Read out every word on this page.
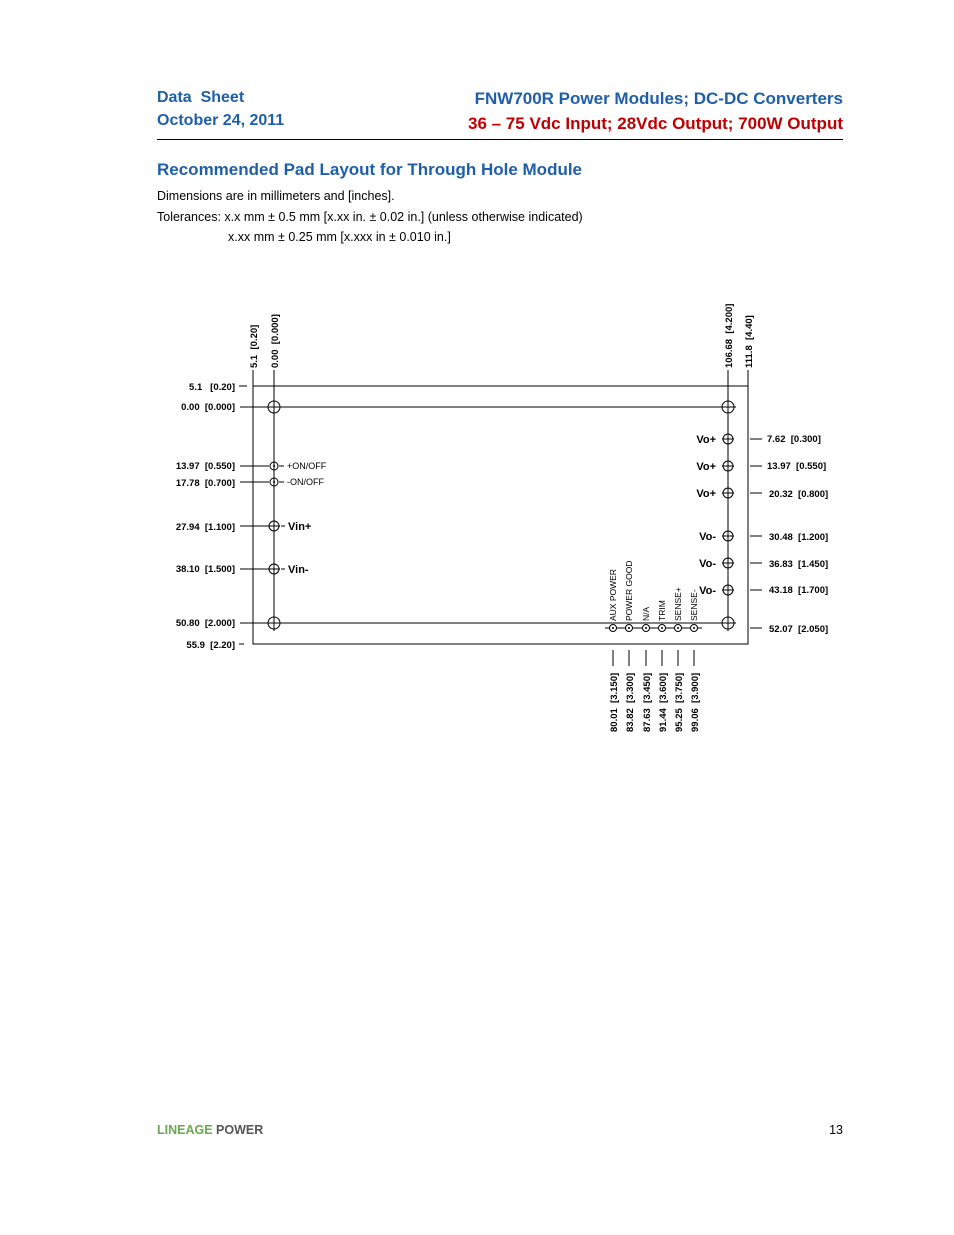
Data  Sheet
October 24, 2011
FNW700R Power Modules; DC-DC Converters
36 – 75 Vdc Input; 28Vdc Output; 700W Output
Recommended Pad Layout for Through Hole Module
Dimensions are in millimeters and [inches].
Tolerances: x.x mm ± 0.5 mm [x.xx in. ± 0.02 in.] (unless otherwise indicated)
x.xx mm ± 0.25 mm [x.xxx in ± 0.010 in.]
+ON/OFF
-ON/OFF
Vin+
Vin-
Vo+
Vo+
Vo+
Vo-
Vo-
Vo-
AUX POWER POWER GOOD N/A TRIM SENSE+ SENSE-
80.01  [3.150] 83.82  [3.300] 87.63  [3.450] 91.44  [3.600] 95.25  [3.750] 99.06  [3.900]
5.1  [0.20] 0.00  [0.000]	106.68  [4.200] 111.8  [4.40]
5.1   [0.20]
0.00  [0.000]
13.97  [0.550]
17.78  [0.700]
27.94  [1.100]
38.10  [1.500]
50.80  [2.000]
55.9  [2.20]
7.62  [0.300]
13.97  [0.550]
20.32  [0.800]
30.48  [1.200]
36.83  [1.450]
43.18  [1.700]
52.07  [2.050]
LINEAGE POWER	13
